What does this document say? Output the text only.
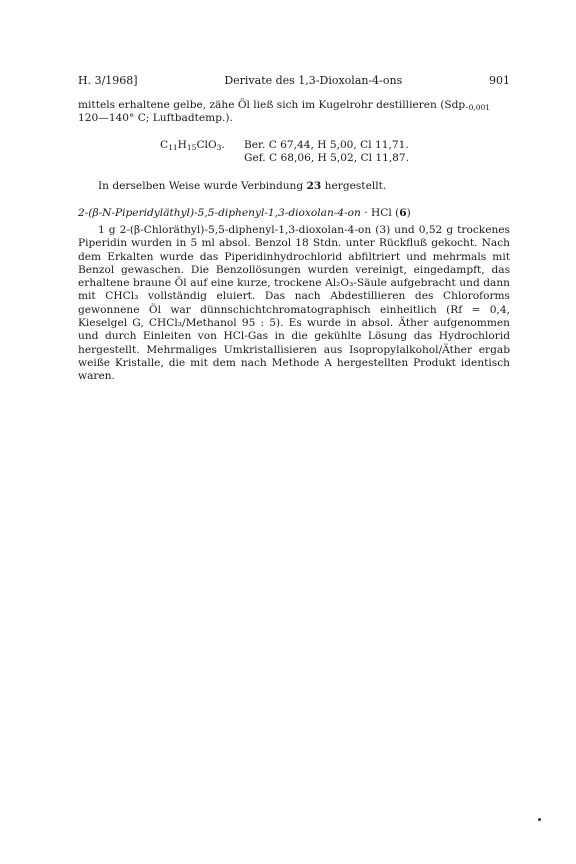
H. 3/1968]	Derivate des 1,3-Dioxolan-4-ons	901
mittels erhaltene gelbe, zähe Öl ließ sich im Kugelrohr destillieren ($Sdp._{0,001}$
120—140° C; Luftbadtemp.).
$C_{11}H_{15}ClO_3$.	Ber. C 67,44, H 5,00, Cl 11,71.
Gef. C 68,06, H 5,02, Cl 11,87.
In derselben Weise wurde Verbindung 23 hergestellt.
2-(β-N-Piperidyläthyl)-5,5-diphenyl-1,3-dioxolan-4-on · HCl (6)
1 g 2-(β-Chloräthyl)-5,5-diphenyl-1,3-dioxolan-4-on (3) und 0,52 g trockenes Piperidin wurden in 5 ml absol. Benzol 18 Stdn. unter Rückfluß gekocht. Nach dem Erkalten wurde das Piperidinhydrochlorid abfiltriert und mehrmals mit Benzol gewaschen. Die Benzollösungen wurden vereinigt, eingedampft, das erhaltene braune Öl auf eine kurze, trockene Al₂O₃-Säule aufgebracht und dann mit CHCl₃ vollständig eluiert. Das nach Abdestillieren des Chloroforms gewonnene Öl war dünnschichtchromatographisch einheitlich (Rf = 0,4, Kieselgel G, CHCl₃/Methanol 95 : 5). Es wurde in absol. Äther aufgenommen und durch Einleiten von HCl-Gas in die gekühlte Lösung das Hydrochlorid hergestellt. Mehrmaliges Umkristallisieren aus Isopropylalkohol/Äther ergab weiße Kristalle, die mit dem nach Methode A hergestellten Produkt identisch waren.
